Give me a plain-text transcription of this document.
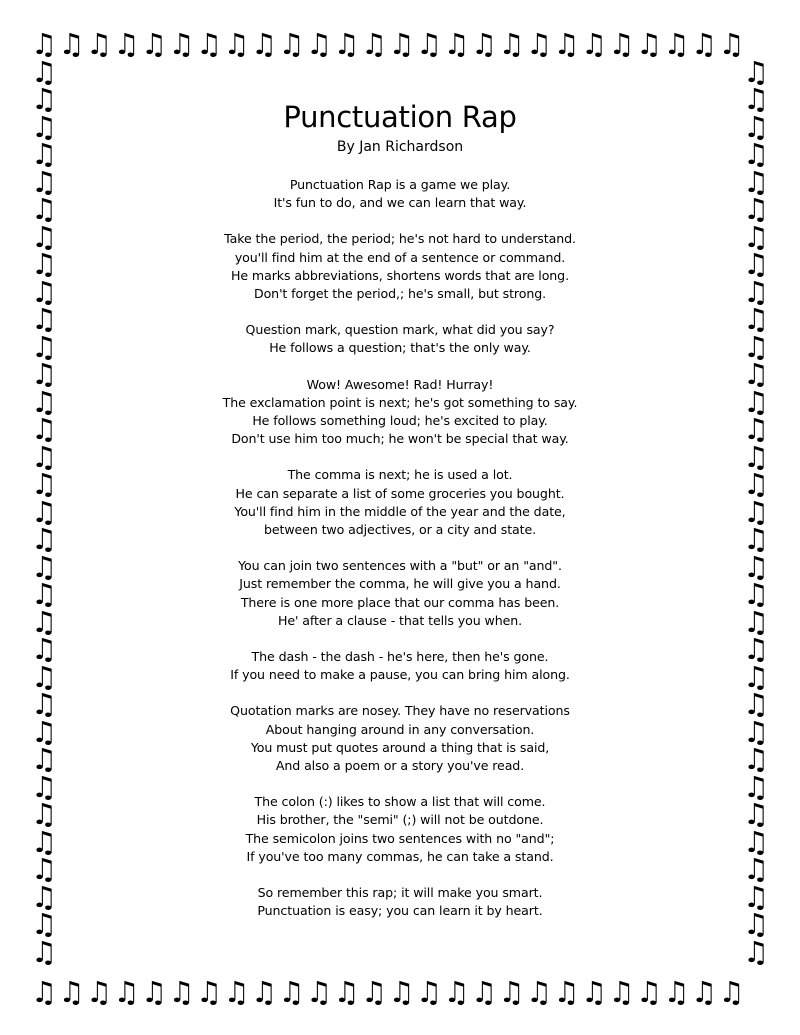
♫
♫
♫
♫
♫
♫
♫
♫
♫
♫
♫
♫
♫
♫
♫
♫
♫
♫
♫
♫
♫
♫
♫
♫
♫
♫
♫
♫
♫
♫
♫
♫
♫
♫
♫
♫
♫
♫
♫
♫
♫
♫
♫
♫
♫
♫
♫
♫
♫
♫
♫
♫
♫	♫
♫	♫
♫	♫
♫	♫
♫	♫
♫	♫
♫	♫
♫	♫
♫	♫
♫	♫
♫	♫
♫	♫
♫	♫
♫	♫
♫	♫
♫	♫
♫	♫
♫	♫
♫	♫
♫	♫
♫	♫
♫	♫
♫	♫
♫	♫
♫	♫
♫	♫
♫	♫
♫	♫
♫	♫
♫	♫
♫	♫
♫	♫
♫	♫
Punctuation Rap

By Jan Richardson

Punctuation Rap is a game we play.
It's fun to do, and we can learn that way.
Take the period, the period; he's not hard to understand.
you'll find him at the end of a sentence or command.
He marks abbreviations, shortens words that are long.
Don't forget the period,; he's small, but strong.
Question mark, question mark, what did you say?
He follows a question; that's the only way.
Wow! Awesome! Rad! Hurray!
The exclamation point is next; he's got something to say.
He follows something loud; he's excited to play.
Don't use him too much; he won't be special that way.
The comma is next; he is used a lot.
He can separate a list of some groceries you bought.
You'll find him in the middle of the year and the date,
between two adjectives, or a city and state.
You can join two sentences with a "but" or an "and".
Just remember the comma, he will give you a hand.
There is one more place that our comma has been.
He' after a clause - that tells you when.
The dash - the dash - he's here, then he's gone.
If you need to make a pause, you can bring him along.
Quotation marks are nosey. They have no reservations
About hanging around in any conversation.
You must put quotes around a thing that is said,
And also a poem or a story you've read.
The colon (:) likes to show a list that will come.
His brother, the "semi" (;) will not be outdone.
The semicolon joins two sentences with no "and";
If you've too many commas, he can take a stand.
So remember this rap; it will make you smart.
Punctuation is easy; you can learn it by heart.
